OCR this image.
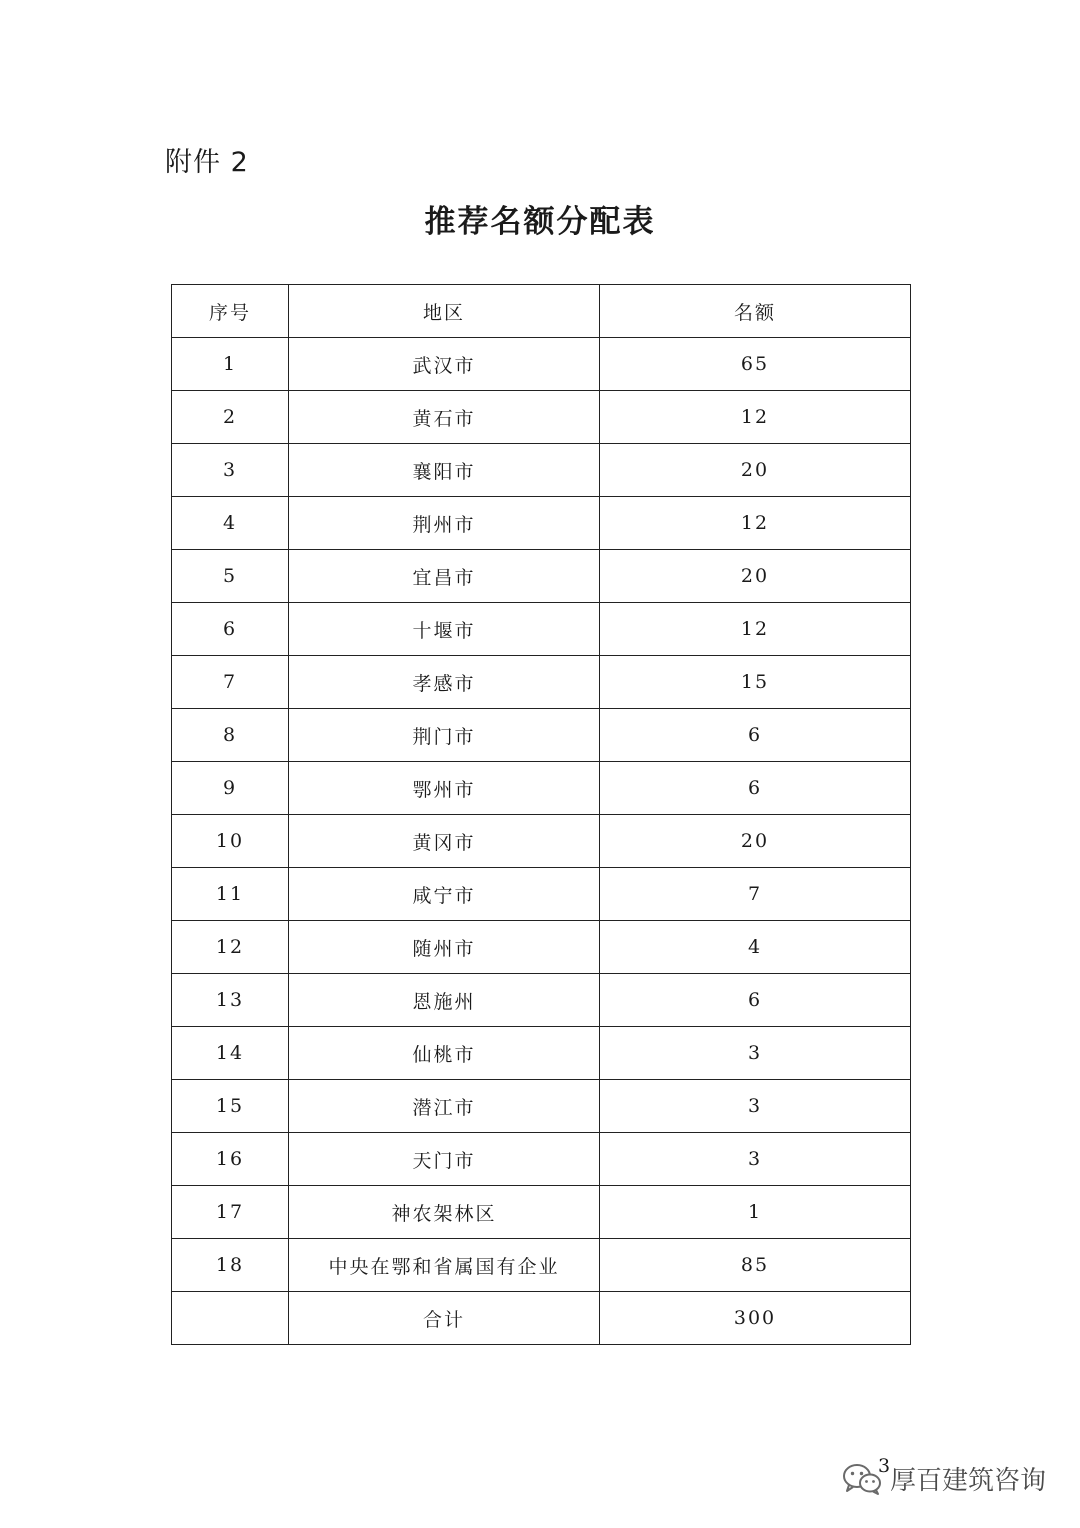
附件 2
推荐名额分配表
序号	地区	名额
1	武汉市	65
2	黄石市	12
3	襄阳市	20
4	荆州市	12
5	宜昌市	20
6	十堰市	12
7	孝感市	15
8	荆门市	6
9	鄂州市	6
10	黄冈市	20
11	咸宁市	7
12	随州市	4
13	恩施州	6
14	仙桃市	3
15	潜江市	3
16	天门市	3
17	神农架林区	1
18	中央在鄂和省属国有企业	85
	合计	300
3 厚百建筑咨询
